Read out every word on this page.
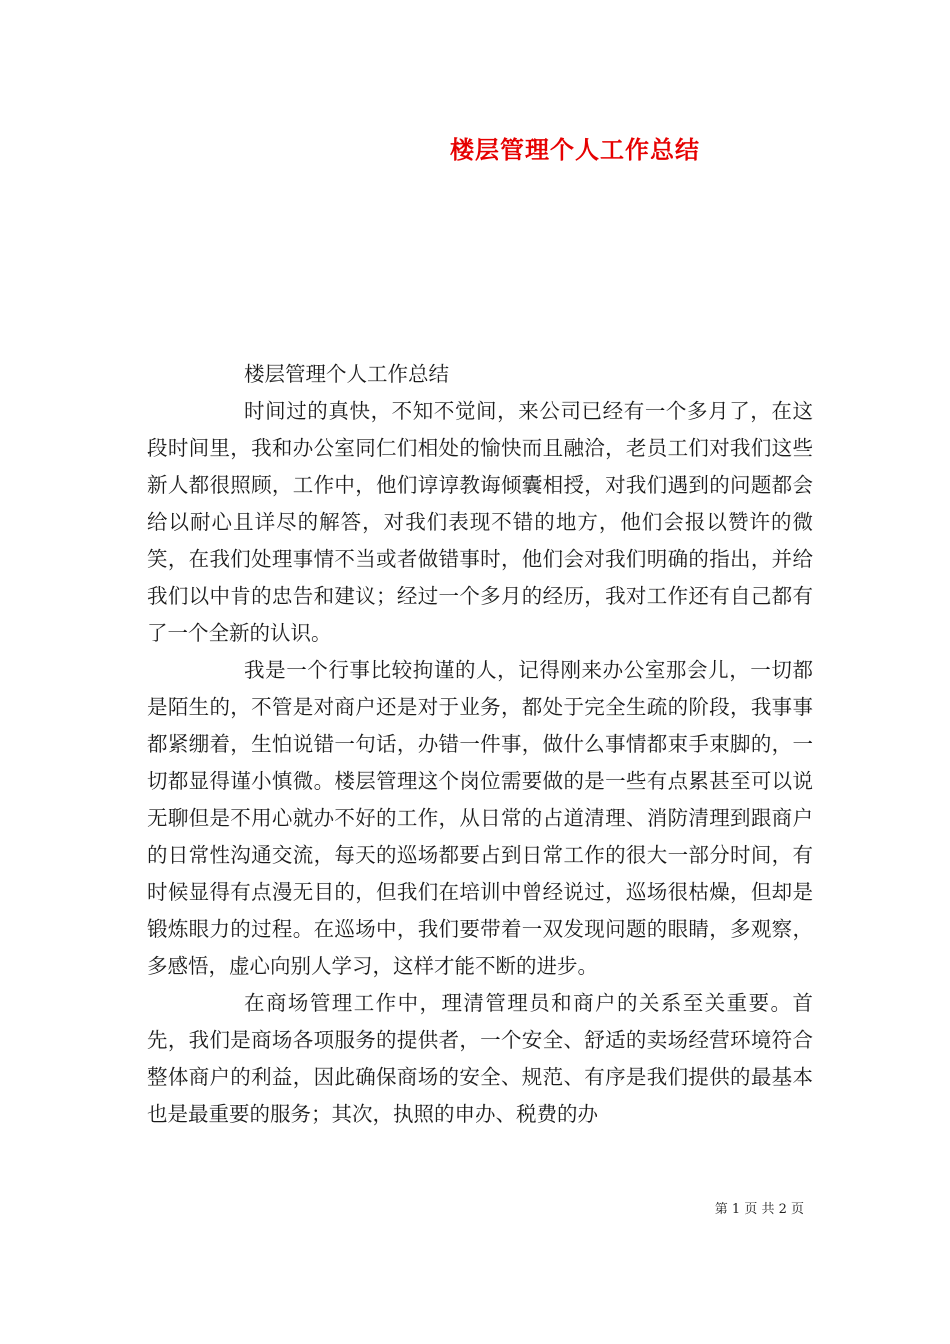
楼层管理个人工作总结

楼层管理个人工作总结

时间过的真快，不知不觉间，来公司已经有一个多月了，在这段时间里，我和办公室同仁们相处的愉快而且融洽，老员工们对我们这些新人都很照顾，工作中，他们谆谆教诲倾囊相授，对我们遇到的问题都会给以耐心且详尽的解答，对我们表现不错的地方，他们会报以赞许的微笑，在我们处理事情不当或者做错事时，他们会对我们明确的指出，并给我们以中肯的忠告和建议；经过一个多月的经历，我对工作还有自己都有了一个全新的认识。

我是一个行事比较拘谨的人，记得刚来办公室那会儿，一切都是陌生的，不管是对商户还是对于业务，都处于完全生疏的阶段，我事事都紧绷着，生怕说错一句话，办错一件事，做什么事情都束手束脚的，一切都显得谨小慎微。楼层管理这个岗位需要做的是一些有点累甚至可以说无聊但是不用心就办不好的工作，从日常的占道清理、消防清理到跟商户的日常性沟通交流，每天的巡场都要占到日常工作的很大一部分时间，有时候显得有点漫无目的，但我们在培训中曾经说过，巡场很枯燥，但却是锻炼眼力的过程。在巡场中，我们要带着一双发现问题的眼睛，多观察，多感悟，虚心向别人学习，这样才能不断的进步。

在商场管理工作中，理清管理员和商户的关系至关重要。首先，我们是商场各项服务的提供者，一个安全、舒适的卖场经营环境符合整体商户的利益，因此确保商场的安全、规范、有序是我们提供的最基本也是最重要的服务；其次，执照的申办、税费的办

第 1 页 共 2 页
